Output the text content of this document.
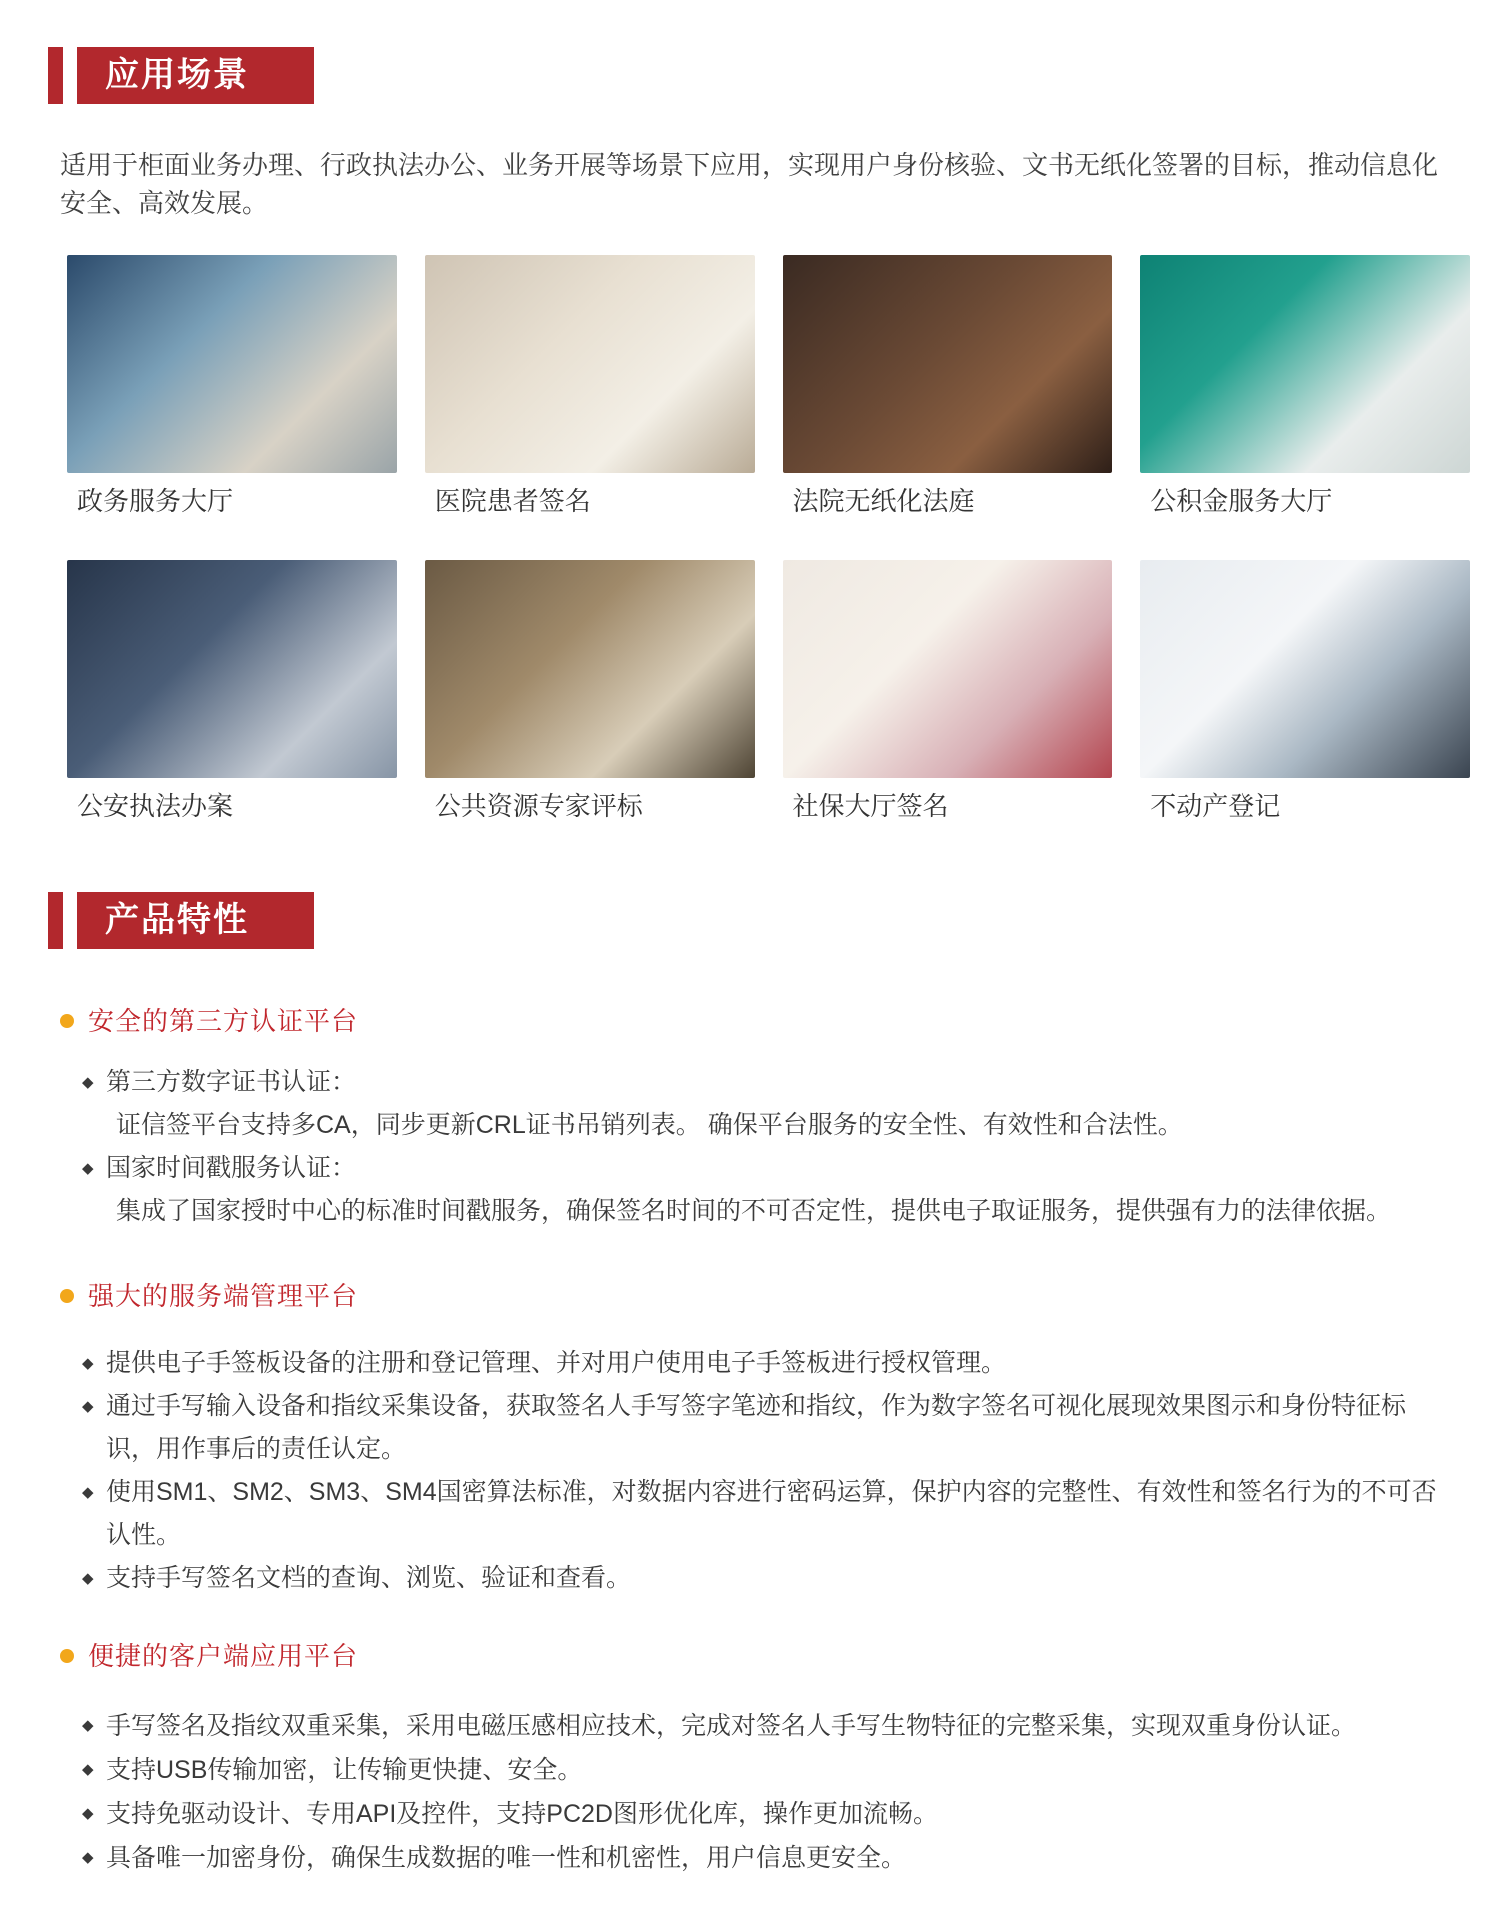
应用场景

适用于柜面业务办理、行政执法办公、业务开展等场景下应用，实现用户身份核验、文书无纸化签署的目标，推动信息化安全、高效发展。

政务服务大厅	医院患者签名	法院无纸化法庭	公积金服务大厅
公安执法办案	公共资源专家评标	社保大厅签名	不动产登记
产品特性
安全的第三方认证平台
◆ 第三方数字证书认证：
证信签平台支持多CA，同步更新CRL证书吊销列表。 确保平台服务的安全性、有效性和合法性。
◆ 国家时间戳服务认证：
集成了国家授时中心的标准时间戳服务，确保签名时间的不可否定性，提供电子取证服务，提供强有力的法律依据。
强大的服务端管理平台
◆ 提供电子手签板设备的注册和登记管理、并对用户使用电子手签板进行授权管理。
◆ 通过手写输入设备和指纹采集设备，获取签名人手写签字笔迹和指纹，作为数字签名可视化展现效果图示和身份特征标识，用作事后的责任认定。
◆ 使用SM1、SM2、SM3、SM4国密算法标准，对数据内容进行密码运算，保护内容的完整性、有效性和签名行为的不可否认性。
◆ 支持手写签名文档的查询、浏览、验证和查看。
便捷的客户端应用平台
◆ 手写签名及指纹双重采集，采用电磁压感相应技术，完成对签名人手写生物特征的完整采集，实现双重身份认证。
◆ 支持USB传输加密，让传输更快捷、安全。
◆ 支持免驱动设计、专用API及控件，支持PC2D图形优化库，操作更加流畅。
◆ 具备唯一加密身份，确保生成数据的唯一性和机密性，用户信息更安全。
